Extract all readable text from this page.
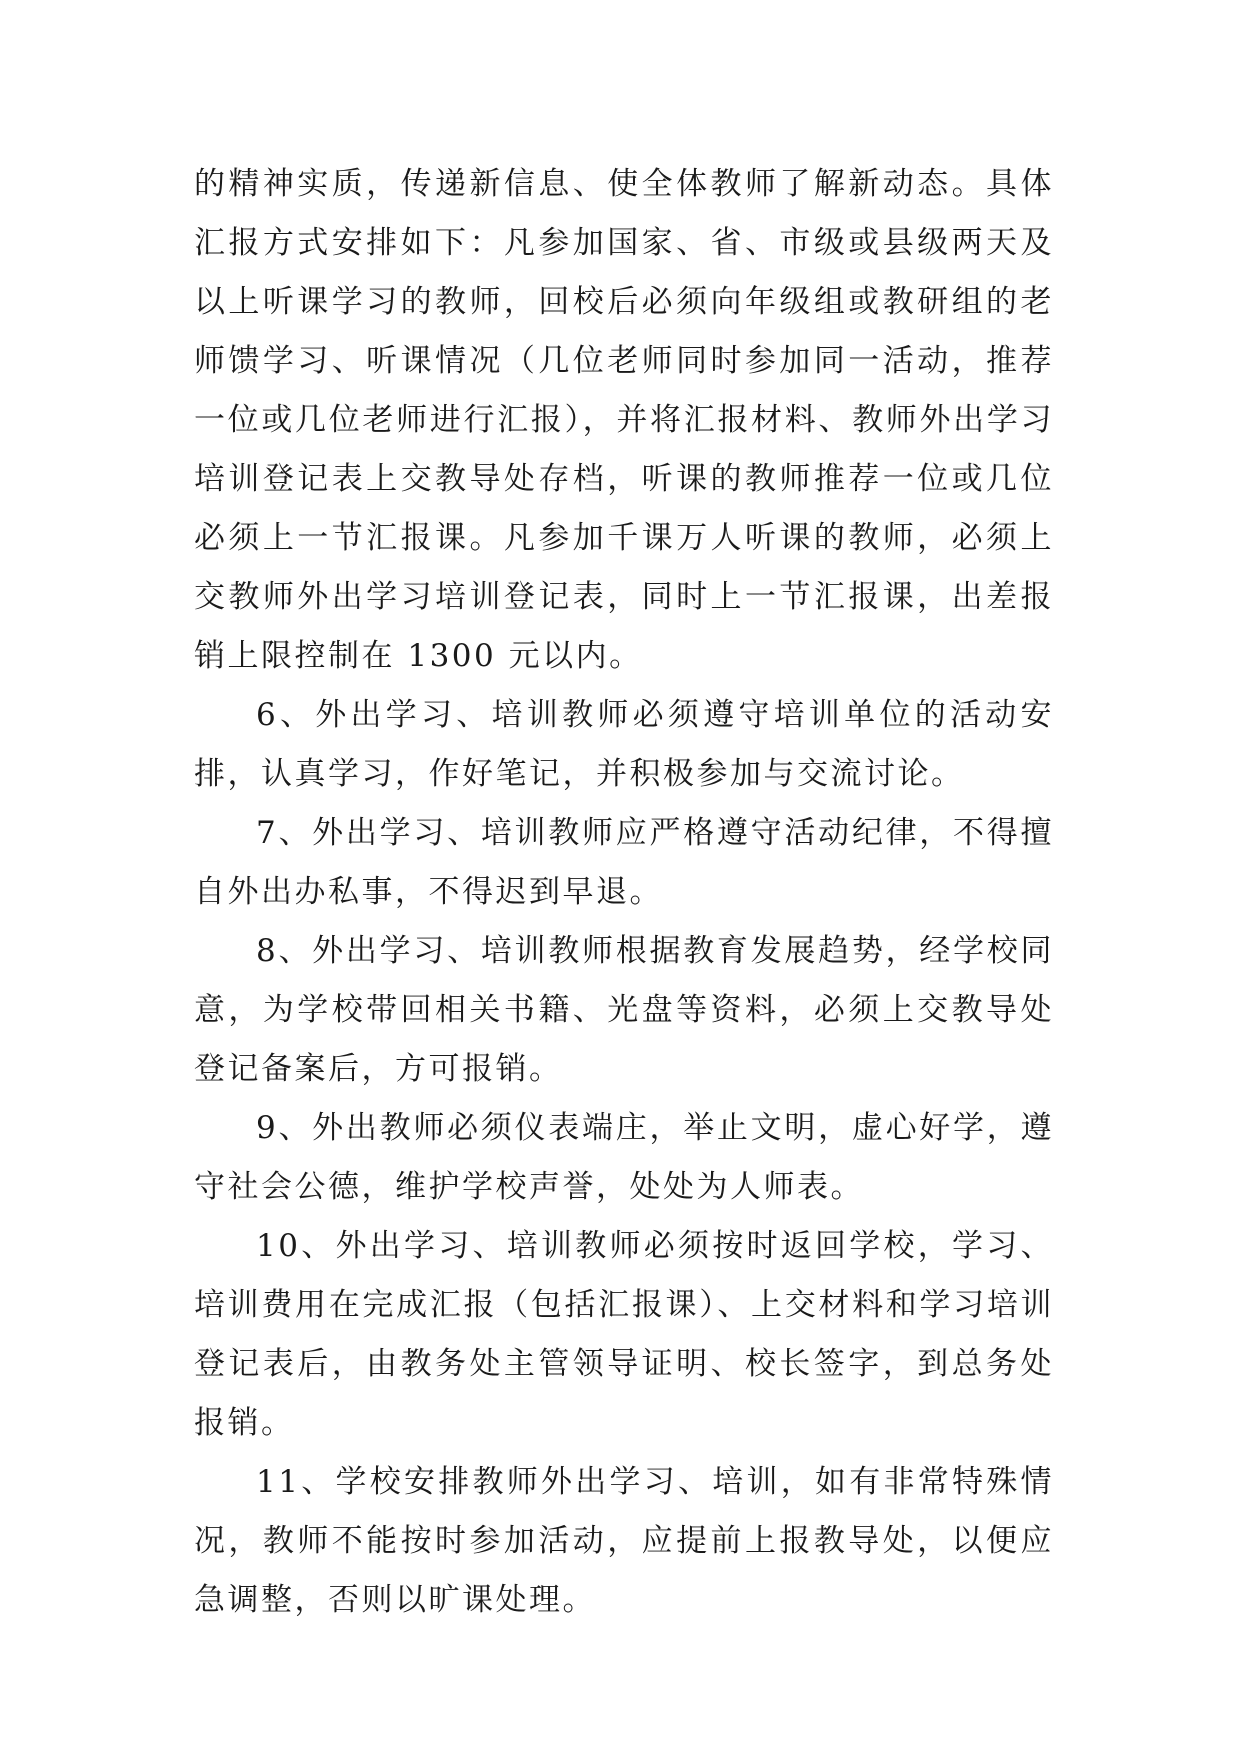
的精神实质，传递新信息、使全体教师了解新动态。具体汇报方式安排如下：凡参加国家、省、市级或县级两天及以上听课学习的教师，回校后必须向年级组或教研组的老师馈学习、听课情况（几位老师同时参加同一活动，推荐一位或几位老师进行汇报），并将汇报材料、教师外出学习培训登记表上交教导处存档，听课的教师推荐一位或几位必须上一节汇报课。凡参加千课万人听课的教师，必须上交教师外出学习培训登记表，同时上一节汇报课，出差报销上限控制在 1300 元以内。

6、外出学习、培训教师必须遵守培训单位的活动安排，认真学习，作好笔记，并积极参加与交流讨论。

7、外出学习、培训教师应严格遵守活动纪律，不得擅自外出办私事，不得迟到早退。

8、外出学习、培训教师根据教育发展趋势，经学校同意，为学校带回相关书籍、光盘等资料，必须上交教导处登记备案后，方可报销。

9、外出教师必须仪表端庄，举止文明，虚心好学，遵守社会公德，维护学校声誉，处处为人师表。

10、外出学习、培训教师必须按时返回学校，学习、培训费用在完成汇报（包括汇报课）、上交材料和学习培训登记表后，由教务处主管领导证明、校长签字，到总务处报销。

11、学校安排教师外出学习、培训，如有非常特殊情况，教师不能按时参加活动，应提前上报教导处，以便应急调整，否则以旷课处理。
